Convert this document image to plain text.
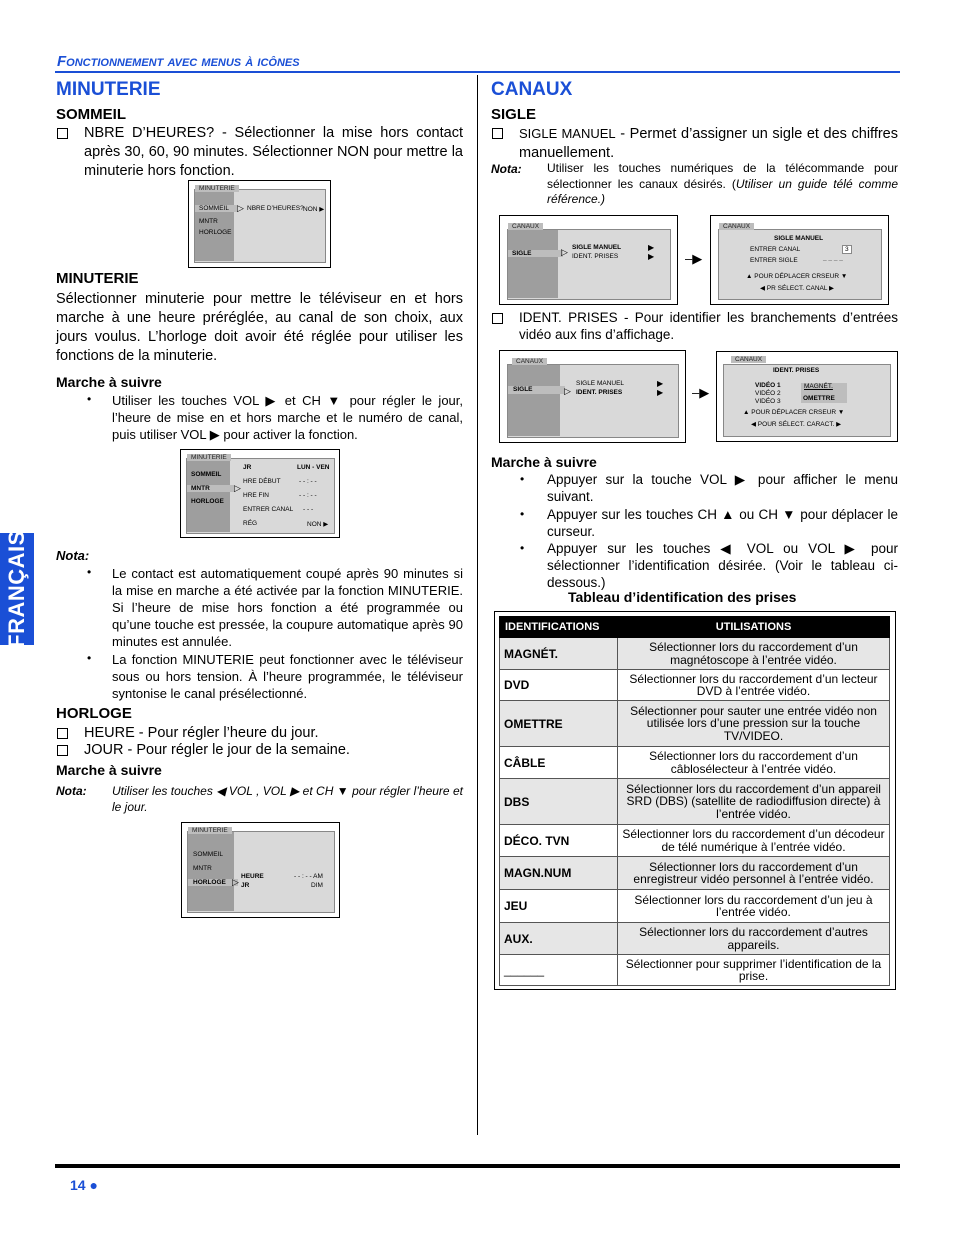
Fonctionnement avec menus à icônes
FRANÇAIS
MINUTERIE
SOMMEIL
NBRE D’HEURES? - Sélectionner la mise hors contact après 30, 60, 90 minutes. Sélectionner NON pour mettre la minuterie hors fonction.
MINUTERIE
SOMMEIL
MNTR
HORLOGE
▷ NBRE D’HEURES? NON ▶
MINUTERIE
Sélectionner minuterie pour mettre le téléviseur en et hors marche à une heure préréglée, au canal de son choix, aux jours voulus. L’horloge doit avoir été réglée pour utiliser les fonctions de la minuterie.
Marche à suivre
• Utiliser les touches VOL ▶ et CH ▼ pour régler le jour, l’heure de mise en et hors marche et le numéro de canal, puis utiliser VOL ▶ pour activer la fonction.
MINUTERIE
SOMMEIL
MNTR
HORLOGE
▷
JR	LUN - VEN
HRE DÉBUT	- - : - -
HRE FIN	- - : - -
ENTRER CANAL - - -
RÉG	NON ▶
Nota:
• Le contact est automatiquement coupé après 90 minutes si la mise en marche a été activée par la fonction MINUTERIE. Si l’heure de mise hors fonction a été programmée ou qu’une touche est pressée, la coupure automatique après 90 minutes est annulée.
• La fonction MINUTERIE peut fonctionner avec le téléviseur sous ou hors tension. À l’heure programmée, le téléviseur syntonise le canal présélectionné.
HORLOGE
HEURE - Pour régler l’heure du jour.
JOUR - Pour régler le jour de la semaine.
Marche à suivre
Nota: Utiliser les touches ◀ VOL , VOL ▶ et CH ▼ pour régler l’heure et le jour.
MINUTERIE
SOMMEIL
MNTR
HORLOGE ▷
HEURE	- - : - - AM
JR	DIM
CANAUX
SIGLE
SIGLE MANUEL - Permet d’assigner un sigle et des chiffres manuellement.
Nota: Utiliser les touches numériques de la télécommande pour sélectionner les canaux désirés. (Utiliser un guide télé comme référence.)
CANAUX
SIGLE	▷ SIGLE MANUEL
IDENT. PRISES
▶
▶ –▶
CANAUX
SIGLE MANUEL
ENTRER CANAL	3
ENTRER SIGLE	_ _ _ _
▲ POUR DÉPLACER CRSEUR ▼
◀ PR SÉLECT. CANAL ▶
IDENT. PRISES - Pour identifier les branchements d’entrées vidéo aux fins d’affichage.
CANAUX
SIGLE	▷
SIGLE MANUEL
IDENT. PRISES
▶
▶ –▶
CANAUX
IDENT. PRISES
VIDÉO 1
VIDÉO 2
VIDÉO 3
MAGNÉT.
OMETTRE
▲ POUR DÉPLACER CRSEUR ▼
◀ POUR SÉLECT. CARACT. ▶
Marche à suivre
• Appuyer sur la touche VOL ▶ pour afficher le menu suivant.
• Appuyer sur les touches CH ▲ ou CH ▼ pour déplacer le curseur.
• Appuyer sur les touches ◀ VOL ou VOL ▶ pour sélectionner l’identification désirée. (Voir le tableau ci-dessous.)
Tableau d’identification des prises
IDENTIFICATIONS	UTILISATIONS
MAGNÉT.	Sélectionner lors du raccordement d’un magnétoscope à l’entrée vidéo.
DVD	Sélectionner lors du raccordement d’un lecteur DVD à l’entrée vidéo.
OMETTRE	Sélectionner pour sauter une entrée vidéo non utilisée lors d’une pression sur la touche TV/VIDEO.
CÂBLE	Sélectionner lors du raccordement d’un câblosélecteur à l’entrée vidéo.
DBS	Sélectionner lors du raccordement d’un appareil SRD (DBS) (satellite de radiodiffusion directe) à l’entrée vidéo.
DÉCO. TVN	Sélectionner lors du raccordement d’un décodeur de télé numérique à l’entrée vidéo.
MAGN.NUM	Sélectionner lors du raccordement d’un enregistreur vidéo personnel à l’entrée vidéo.
JEU	Sélectionner lors du raccordement d’un jeu à l’entrée vidéo.
AUX.	Sélectionner lors du raccordement d’autres appareils.
______	Sélectionner pour supprimer l’identification de la prise.
14 ●
